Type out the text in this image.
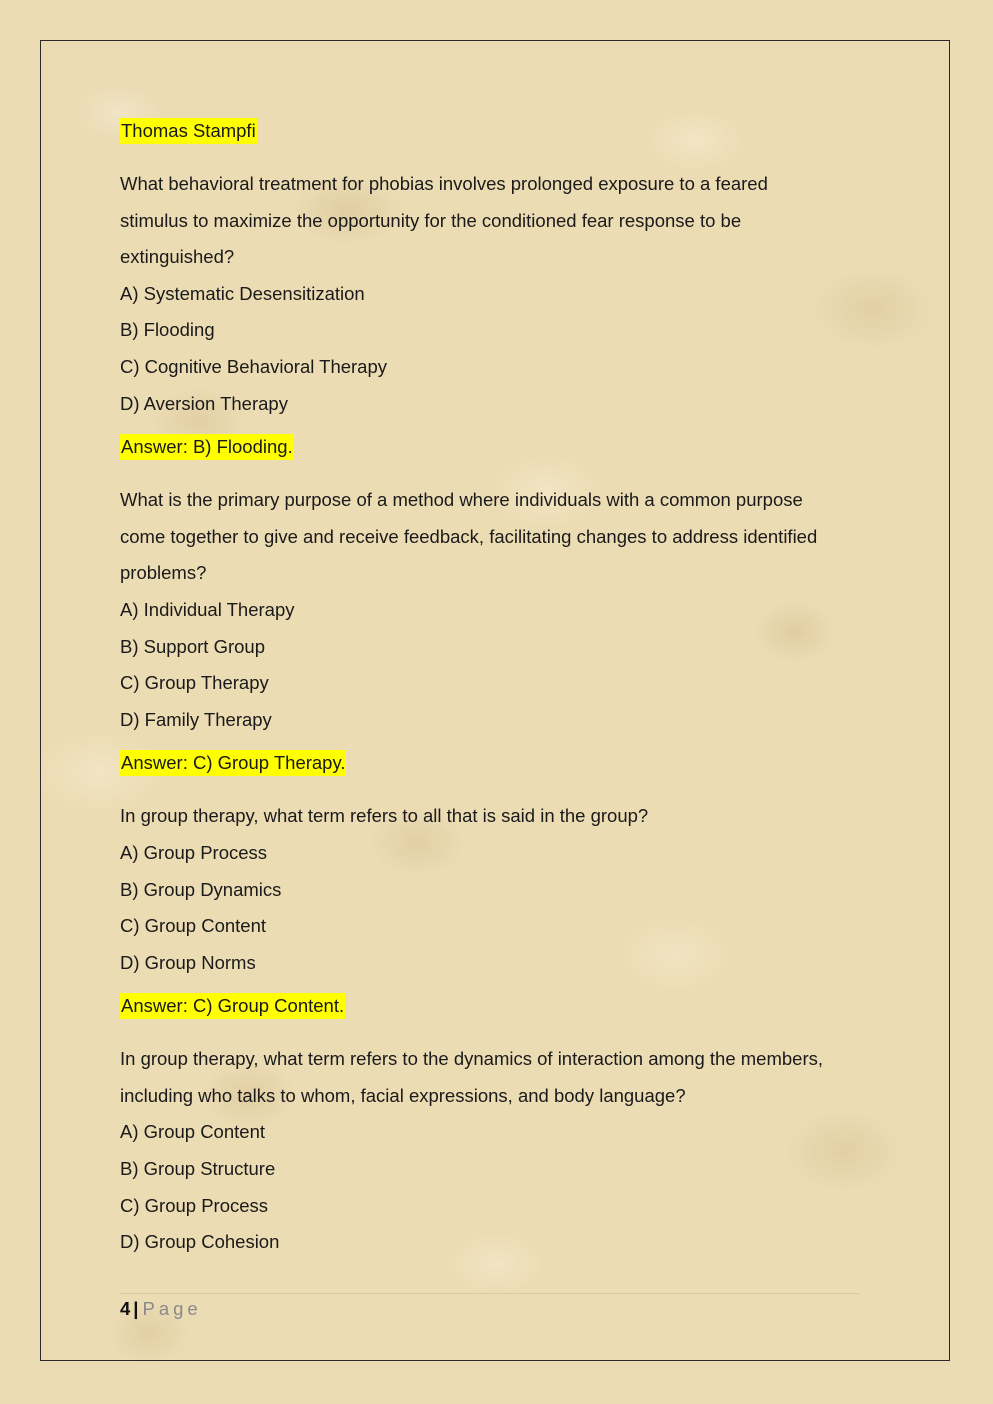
Thomas Stampfi

What behavioral treatment for phobias involves prolonged exposure to a feared
stimulus to maximize the opportunity for the conditioned fear response to be
extinguished?

A) Systematic Desensitization

B) Flooding

C) Cognitive Behavioral Therapy

D) Aversion Therapy

Answer: B) Flooding.

What is the primary purpose of a method where individuals with a common purpose
come together to give and receive feedback, facilitating changes to address identified
problems?

A) Individual Therapy

B) Support Group

C) Group Therapy

D) Family Therapy

Answer: C) Group Therapy.

In group therapy, what term refers to all that is said in the group?

A) Group Process

B) Group Dynamics

C) Group Content

D) Group Norms

Answer: C) Group Content.

In group therapy, what term refers to the dynamics of interaction among the members,
including who talks to whom, facial expressions, and body language?

A) Group Content

B) Group Structure

C) Group Process

D) Group Cohesion

4 | Page
